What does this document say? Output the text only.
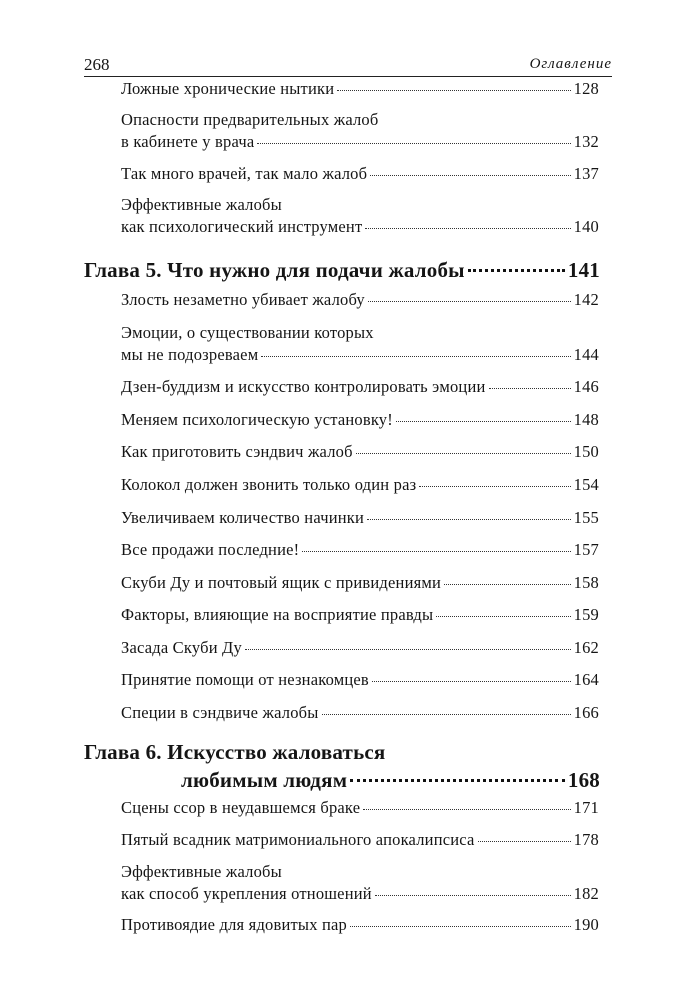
268	Оглавление
Ложные хронические нытики	128
Опасности предварительных жалоб
в кабинете у врача	132
Так много врачей, так мало жалоб	137
Эффективные жалобы
как психологический инструмент	140
Глава 5. Что нужно для подачи жалобы	141
Злость незаметно убивает жалобу	142
Эмоции, о существовании которых
мы не подозреваем	144
Дзен-буддизм и искусство контролировать эмоции	146
Меняем психологическую установку!	148
Как приготовить сэндвич жалоб	150
Колокол должен звонить только один раз	154
Увеличиваем количество начинки	155
Все продажи последние!	157
Скуби Ду и почтовый ящик с привидениями	158
Факторы, влияющие на восприятие правды	159
Засада Скуби Ду	162
Принятие помощи от незнакомцев	164
Специи в сэндвиче жалобы	166
Глава 6. Искусство жаловаться
любимым людям	168
Сцены ссор в неудавшемся браке	171
Пятый всадник матримониального апокалипсиса	178
Эффективные жалобы
как способ укрепления отношений	182
Противоядие для ядовитых пар	190
